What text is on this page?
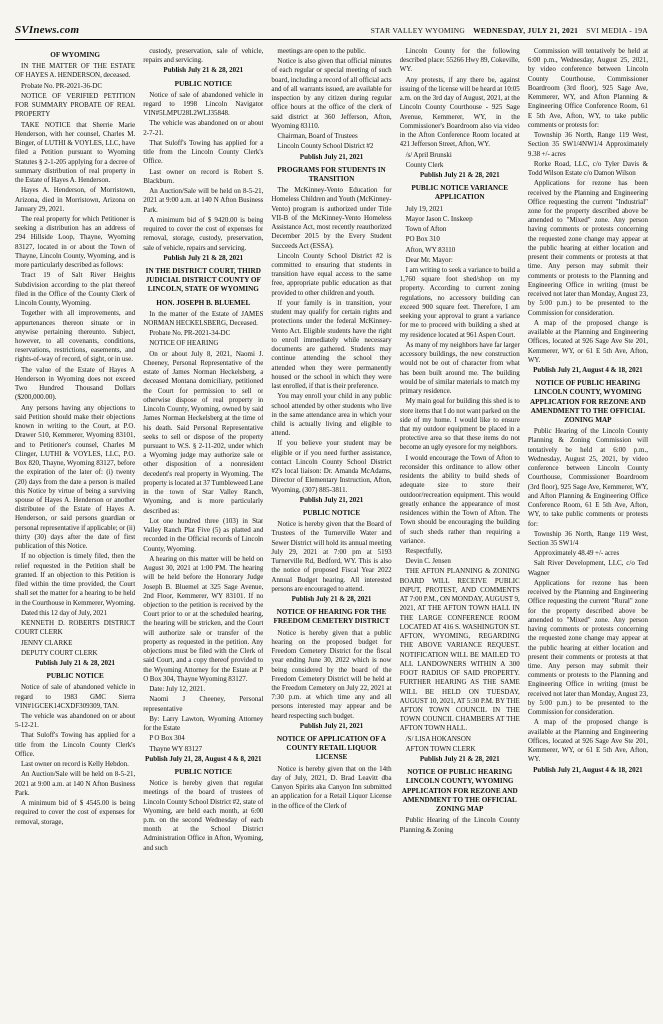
SVInews.com	STAR VALLEY WYOMING WEDNESDAY, JULY 21, 2021 SVI MEDIA - 19A

OF WYOMING

IN THE MATTER OF THE ESTATE OF HAYES A. HENDERSON, deceased.

Probate No. PR-2021-36-DC

NOTICE OF VERIFIED PETITION FOR SUMMARY PROBATE OF REAL PROPERTY

TAKE NOTICE that Sherrie Marie Henderson, with her counsel, Charles M. Binger, of LUTHI & VOYLES, LLC, have filed a Petition pursuant to Wyoming Statutes § 2-1-205 applying for a decree of summary distribution of real property in the Estate of Hayes A. Henderson.

Hayes A. Henderson, of Morristown, Arizona, died in Morristown, Arizona on January 29, 2021.

The real property for which Petitioner is seeking a distribution has an address of 294 Hillside Loop, Thayne, Wyoming 83127, located in or about the Town of Thayne, Lincoln County, Wyoming, and is more particularly described as follows:

Tract 19 of Salt River Heights Subdivision according to the plat thereof filed in the Office of the County Clerk of Lincoln County, Wyoming.

Together with all improvements, and appurtenances thereon situate or in anywise pertaining thereunto. Subject, however, to all covenants, conditions, reservations, restrictions, easements, and rights-of-way of record, of sight, or in use.

The value of the Estate of Hayes A Henderson in Wyoming does not exceed Two Hundred Thousand Dollars ($200,000.00).

Any persons having any objections to said Petition should make their objections known in writing to the Court, at P.O. Drawer 510, Kemmerer, Wyoming 83101, and to Petitioner's counsel, Charles M Clinger, LUTHI & VOYLES, LLC, P.O. Box 820, Thayne, Wyoming 83127, before the expiration of the later of: (i) twenty (20) days from the date a person is mailed this Notice by virtue of being a surviving spouse of Hayes A. Henderson or another distributee of the Estate of Hayes A. Henderson, or said persons guardian or personal representative if applicable; or (ii) thirty (30) days after the date of first publication of this Notice.

If no objection is timely filed, then the relief requested in the Petition shall be granted. If an objection to this Petition is filed within the time provided, the Court shall set the matter for a hearing to be held in the Courthouse in Kemmerer, Wyoming.

Dated this 12 day of July, 2021

KENNETH D. ROBERTS DISTRICT COURT CLERK

JENNY CLARKE

DEPUTY COURT CLERK

Publish July 21 & 28, 2021

PUBLIC NOTICE

Notice of sale of abandoned vehicle in regard to 1983 GMC Sierra VIN#1GCEK14CXDF309309, TAN.

The vehicle was abandoned on or about 5-12-21.

That Suloff's Towing has applied for a title from the Lincoln County Clerk's Office.

Last owner on record is Kelly Hebdon.

An Auction/Sale will be held on 8-5-21, 2021 at 9:00 a.m. at 140 N Afton Business Park.

A minimum bid of $ 4545.00 is being required to cover the cost of expenses for removal, storage,

custody, preservation, sale of vehicle, repairs and servicing.

Publish July 21 & 28, 2021

PUBLIC NOTICE

Notice of sale of abandoned vehicle in regard to 1998 Lincoln Navigator VIN#5LMPU28L2WLJ35848.

The vehicle was abandoned on or about 2-7-21.

That Suloff's Towing has applied for a title from the Lincoln County Clerk's Office.

Last owner on record is Robert S. Blackburn.

An Auction/Sale will be held on 8-5-21, 2021 at 9:00 a.m. at 140 N Afton Business Park.

A minimum bid of $ 9420.00 is being required to cover the cost of expenses for removal, storage, custody, preservation, sale of vehicle, repairs and servicing.

Publish July 21 & 28, 2021

IN THE DISTRICT COURT, THIRD JUDICIAL DISTRICT COUNTY OF LINCOLN, STATE OF WYOMING

HON. JOSEPH B. BLUEMEL

In the matter of the Estate of JAMES NORMAN HECKELSBERG, Deceased.

Probate No. PR-2021-34-DC

NOTICE OF HEARING

On or about July 8, 2021, Naomi J. Cheeney, Personal Representative of the estate of James Norman Heckelsberg, a deceased Montana domiciliary, petitioned the Court for permission to sell or otherwise dispose of real property in Lincoln County, Wyoming, owned by said James Norman Heckelsberg at the time of his death. Said Personal Representative seeks to sell or dispose of the property pursuant to W.S. § 2-11-202, under which a Wyoming judge may authorize sale or other disposition of a nonresident decedent's real property in Wyoming. The property is located at 37 Tumbleweed Lane in the town of Star Valley Ranch, Wyoming, and is more particularly described as:

Lot one hundred three (103) in Star Valley Ranch Plat Five (5) as platted and recorded in the Official records of Lincoln County, Wyoming.

A hearing on this matter will be held on August 30, 2021 at 1:00 PM. The hearing will be held before the Honorary Judge Joseph B. Bluemel at 325 Sage Avenue, 2nd Floor, Kemmerer, WY 83101. If no objection to the petition is received by the Court prior to or at the scheduled hearing, the hearing will be stricken, and the Court will authorize sale or transfer of the property as requested in the petition. Any objections must be filed with the Clerk of said Court, and a copy thereof provided to the Wyoming Attorney for the Estate at P O Box 304, Thayne Wyoming 83127.

Date: July 12, 2021.

Naomi J Cheeney, Personal representative

By: Larry Lawton, Wyoming Attorney for the Estate

P O Box 304

Thayne WY 83127

Publish July 21, 28, August 4 & 8, 2021

PUBLIC NOTICE

Notice is hereby given that regular meetings of the board of trustees of Lincoln County School District #2, state of Wyoming, are held each month, at 6:00 p.m. on the second Wednesday of each month at the School District Administration Office in Afton, Wyoming, and such

meetings are open to the public.

Notice is also given that official minutes of each regular or special meeting of such board, including a record of all official acts and of all warrants issued, are available for inspection by any citizen during regular office hours at the office of the clerk of said district at 360 Jefferson, Afton, Wyoming 83110.

Chairman, Board of Trustees

Lincoln County School District #2

Publish July 21, 2021

PROGRAMS FOR STUDENTS IN TRANSITION

The McKinney-Vento Education for Homeless Children and Youth (McKinney-Vento) program is authorized under Title VII-B of the McKinney-Vento Homeless Assistance Act, most recently reauthorized December 2015 by the Every Student Succeeds Act (ESSA).

Lincoln County School District #2 is committed to ensuring that students in transition have equal access to the same free, appropriate public education as that provided to other children and youth.

If your family is in transition, your student may qualify for certain rights and protections under the federal McKinney-Vento Act. Eligible students have the right to enroll immediately while necessary documents are gathered. Students may continue attending the school they attended when they were permanently housed or the school in which they were last enrolled, if that is their preference.

You may enroll your child in any public school attended by other students who live in the same attendance area in which your child is actually living and eligible to attend.

If you believe your student may be eligible or if you need further assistance, contact Lincoln County School District #2's local liaison: Dr. Amanda McAdams, Director of Elementary Instruction, Afton, Wyoming, (307) 885-3811.

Publish July 21, 2021

PUBLIC NOTICE

Notice is hereby given that the Board of Trustees of the Turnerville Water and Sewer District will hold its annual meeting July 29, 2021 at 7:00 pm at 5193 Turnerville Rd, Bedford, WY. This is also the notice of proposed Fiscal Year 2022 Annual Budget hearing. All interested persons are encouraged to attend.

Publish July 21 & 28, 2021

NOTICE OF HEARING FOR THE FREEDOM CEMETERY DISTRICT

Notice is hereby given that a public hearing on the proposed budget for Freedom Cemetery District for the fiscal year ending June 30, 2022 which is now being considered by the board of the Freedom Cemetery District will be held at the Freedom Cemetery on July 22, 2021 at 7:30 p.m. at which time any and all persons interested may appear and be heard respecting such budget.

Publish July 21, 2021

NOTICE OF APPLICATION OF A COUNTY RETAIL LIQUOR LICENSE

Notice is hereby given that on the 14th day of July, 2021, D. Brad Leavitt dba Canyon Spirits aka Canyon Inn submitted an application for a Retail Liquor License in the office of the Clerk of

Lincoln County for the following described place: 55266 Hwy 89, Cokeville, WY.

Any protests, if any there be, against issuing of the license will be heard at 10:05 a.m. on the 3rd day of August, 2021, at the Lincoln County Courthouse - 925 Sage Avenue, Kemmerer, WY, in the Commissioner's Boardroom also via video in the Afton Conference Room located at 421 Jefferson Street, Afton, WY.

/s/ April Brunski

County Clerk

Publish July 21 & 28, 2021

PUBLIC NOTICE VARIANCE APPLICATION

July 19, 2021

Mayor Jason C. Inskeep

Town of Afton

PO Box 310

Afton, WY 83110

Dear Mr. Mayor:

I am writing to seek a variance to build a 1,760 square foot shed/shop on my property. According to current zoning regulations, no accessory building can exceed 900 square feet. Therefore, I am seeking your approval to grant a variance for me to proceed with building a shed at my residence located at 961 Aspen Court.

As many of my neighbors have far larger accessory buildings, the new construction would not be out of character from what has been built around me. The building would be of similar materials to match my primary residence.

My main goal for building this shed is to store items that I do not want parked on the side of my home. I would like to ensure that my outdoor equipment be placed in a protective area so that these items do not become an ugly eyesore for my neighbors.

I would encourage the Town of Afton to reconsider this ordinance to allow other residents the ability to build sheds of adequate size to store their outdoor/recreation equipment. This would greatly enhance the appearance of most residences within the Town of Afton. The Town should be encouraging the building of such sheds rather than requiring a variance.

Respectfully,

Devin C. Jensen

THE AFTON PLANNING & ZONING BOARD WILL RECEIVE PUBLIC INPUT, PROTEST, AND COMMENTS AT 7:00 P.M., ON MONDAY, AUGUST 9, 2021, AT THE AFTON TOWN HALL IN THE LARGE CONFERENCE ROOM LOCATED AT 416 S. WASHINGTON ST. AFTON, WYOMING, REGARDING THE ABOVE VARIANCE REQUEST. NOTIFICATION WILL BE MAILED TO ALL LANDOWNERS WITHIN A 300 FOOT RADIUS OF SAID PROPERTY. FURTHER HEARING AS THE SAME WILL BE HELD ON TUESDAY, AUGUST 10, 2021, AT 5:30 P.M. BY THE AFTON TOWN COUNCIL IN THE TOWN COUNCIL CHAMBERS AT THE AFTON TOWN HALL.

/S/ LISA HOKANSON

AFTON TOWN CLERK

Publish July 21 & 28, 2021

NOTICE OF PUBLIC HEARING LINCOLN COUNTY, WYOMING APPLICATION FOR REZONE AND AMENDMENT TO THE OFFICIAL ZONING MAP

Public Hearing of the Lincoln County Planning & Zoning

Commission will tentatively be held at 6:00 p.m., Wednesday, August 25, 2021, by video conference between Lincoln County Courthouse, Commissioner Boardroom (3rd floor), 925 Sage Ave, Kemmerer, WY, and Afton Planning & Engineering Office Conference Room, 61 E 5th Ave, Afton, WY, to take public comments or protests for:

Township 36 North, Range 119 West, Section 35 SW1/4NW1/4 Approximately 9.38 +/- acres

Rorke Road, LLC, c/o Tyler Davis & Todd Wilson Estate c/o Damon Wilson

Applications for rezone has been received by the Planning and Engineering Office requesting the current "Industrial" zone for the property described above be amended to "Mixed" zone. Any person having comments or protests concerning the requested zone change may appear at the public hearing at either location and present their comments or protests at that time. Any person may submit their comments or protests to the Planning and Engineering Office in writing (must be received not later than Monday, August 23, by 5:00 p.m.) to be presented to the Commission for consideration.

A map of the proposed change is available at the Planning and Engineering Offices, located at 926 Sage Ave Ste 201, Kemmerer, WY, or 61 E 5th Ave, Afton, WY.

Publish July 21, August 4 & 18, 2021

NOTICE OF PUBLIC HEARING LINCOLN COUNTY, WYOMING APPLICATION FOR REZONE AND AMENDMENT TO THE OFFICIAL ZONING MAP

Public Hearing of the Lincoln County Planning & Zoning Commission will tentatively be held at 6:00 p.m., Wednesday, August 25, 2021, by video conference between Lincoln County Courthouse, Commissioner Boardroom (3rd floor), 925 Sage Ave, Kemmerer, WY, and Afton Planning & Engineering Office Conference Room, 61 E 5th Ave, Afton, WY, to take public comments or protests for:

Township 36 North, Range 119 West, Section 35 SW1/4

Approximately 48.49 +/- acres

Salt River Development, LLC, c/o Ted Wagner

Applications for rezone has been received by the Planning and Engineering Office requesting the current "Rural" zone for the property described above be amended to "Mixed" zone. Any person having comments or protests concerning the requested zone change may appear at the public hearing at either location and present their comments or protests at that time. Any person may submit their comments or protests to the Planning and Engineering Office in writing (must be received not later than Monday, August 23, by 5:00 p.m.) to be presented to the Commission for consideration.

A map of the proposed change is available at the Planning and Engineering Offices, located at 926 Sage Ave Ste 201, Kemmerer, WY, or 61 E 5th Ave, Afton, WY.

Publish July 21, August 4 & 18, 2021
